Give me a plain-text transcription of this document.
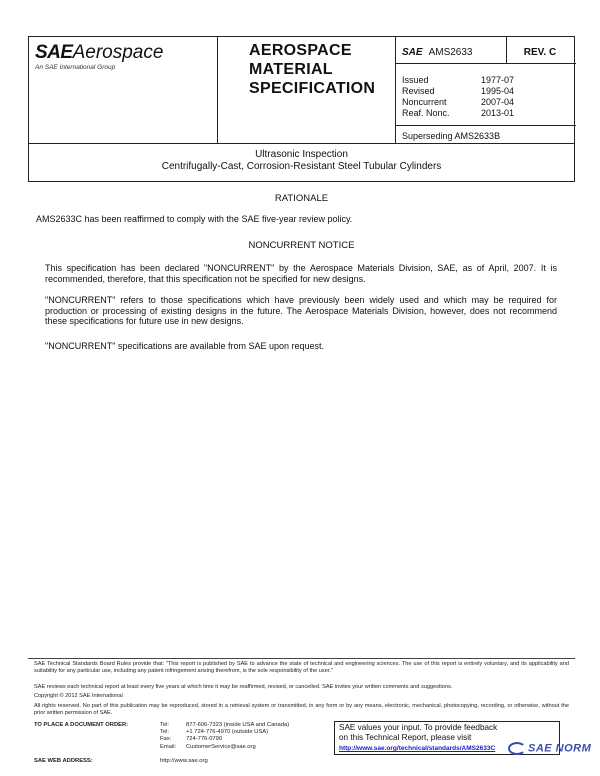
SAEAerospace
An SAE International Group
AEROSPACE
MATERIAL
SPECIFICATION
SAE AMS2633	REV. C
Issued	1977-07
Revised	1995-04
Noncurrent	2007-04
Reaf. Nonc.	2013-01
Superseding AMS2633B
Ultrasonic Inspection
Centrifugally-Cast, Corrosion-Resistant Steel Tubular Cylinders
RATIONALE
AMS2633C has been reaffirmed to comply with the SAE five-year review policy.
NONCURRENT NOTICE
This specification has been declared "NONCURRENT" by the Aerospace Materials Division, SAE, as of April, 2007. It is recommended, therefore, that this specification not be specified for new designs.
"NONCURRENT" refers to those specifications which have previously been widely used and which may be required for production or processing of existing designs in the future. The Aerospace Materials Division, however, does not recommend these specifications for future use in new designs.
"NONCURRENT" specifications are available from SAE upon request.
SAE Technical Standards Board Rules provide that: "This report is published by SAE to advance the state of technical and engineering sciences. The use of this report is entirely voluntary, and its applicability and suitability for any particular use, including any patent infringement arising therefrom, is the sole responsibility of the user."
SAE reviews each technical report at least every five years at which time it may be reaffirmed, revised, or cancelled. SAE invites your written comments and suggestions.
Copyright © 2012 SAE International
All rights reserved. No part of this publication may be reproduced, stored in a retrieval system or transmitted, in any form or by any means, electronic, mechanical, photocopying, recording, or otherwise, without the prior written permission of SAE.
TO PLACE A DOCUMENT ORDER:	Tel:	877-606-7323 (inside USA and Canada)
Tel:	+1 724-776-4970 (outside USA)
Fax:	724-776-0790
Email: CustomerService@sae.org
SAE WEB ADDRESS:	http://www.sae.org
SAE values your input. To provide feedback
on this Technical Report, please visit
http://www.sae.org/technical/standards/AMS2633C	SAE NORM
